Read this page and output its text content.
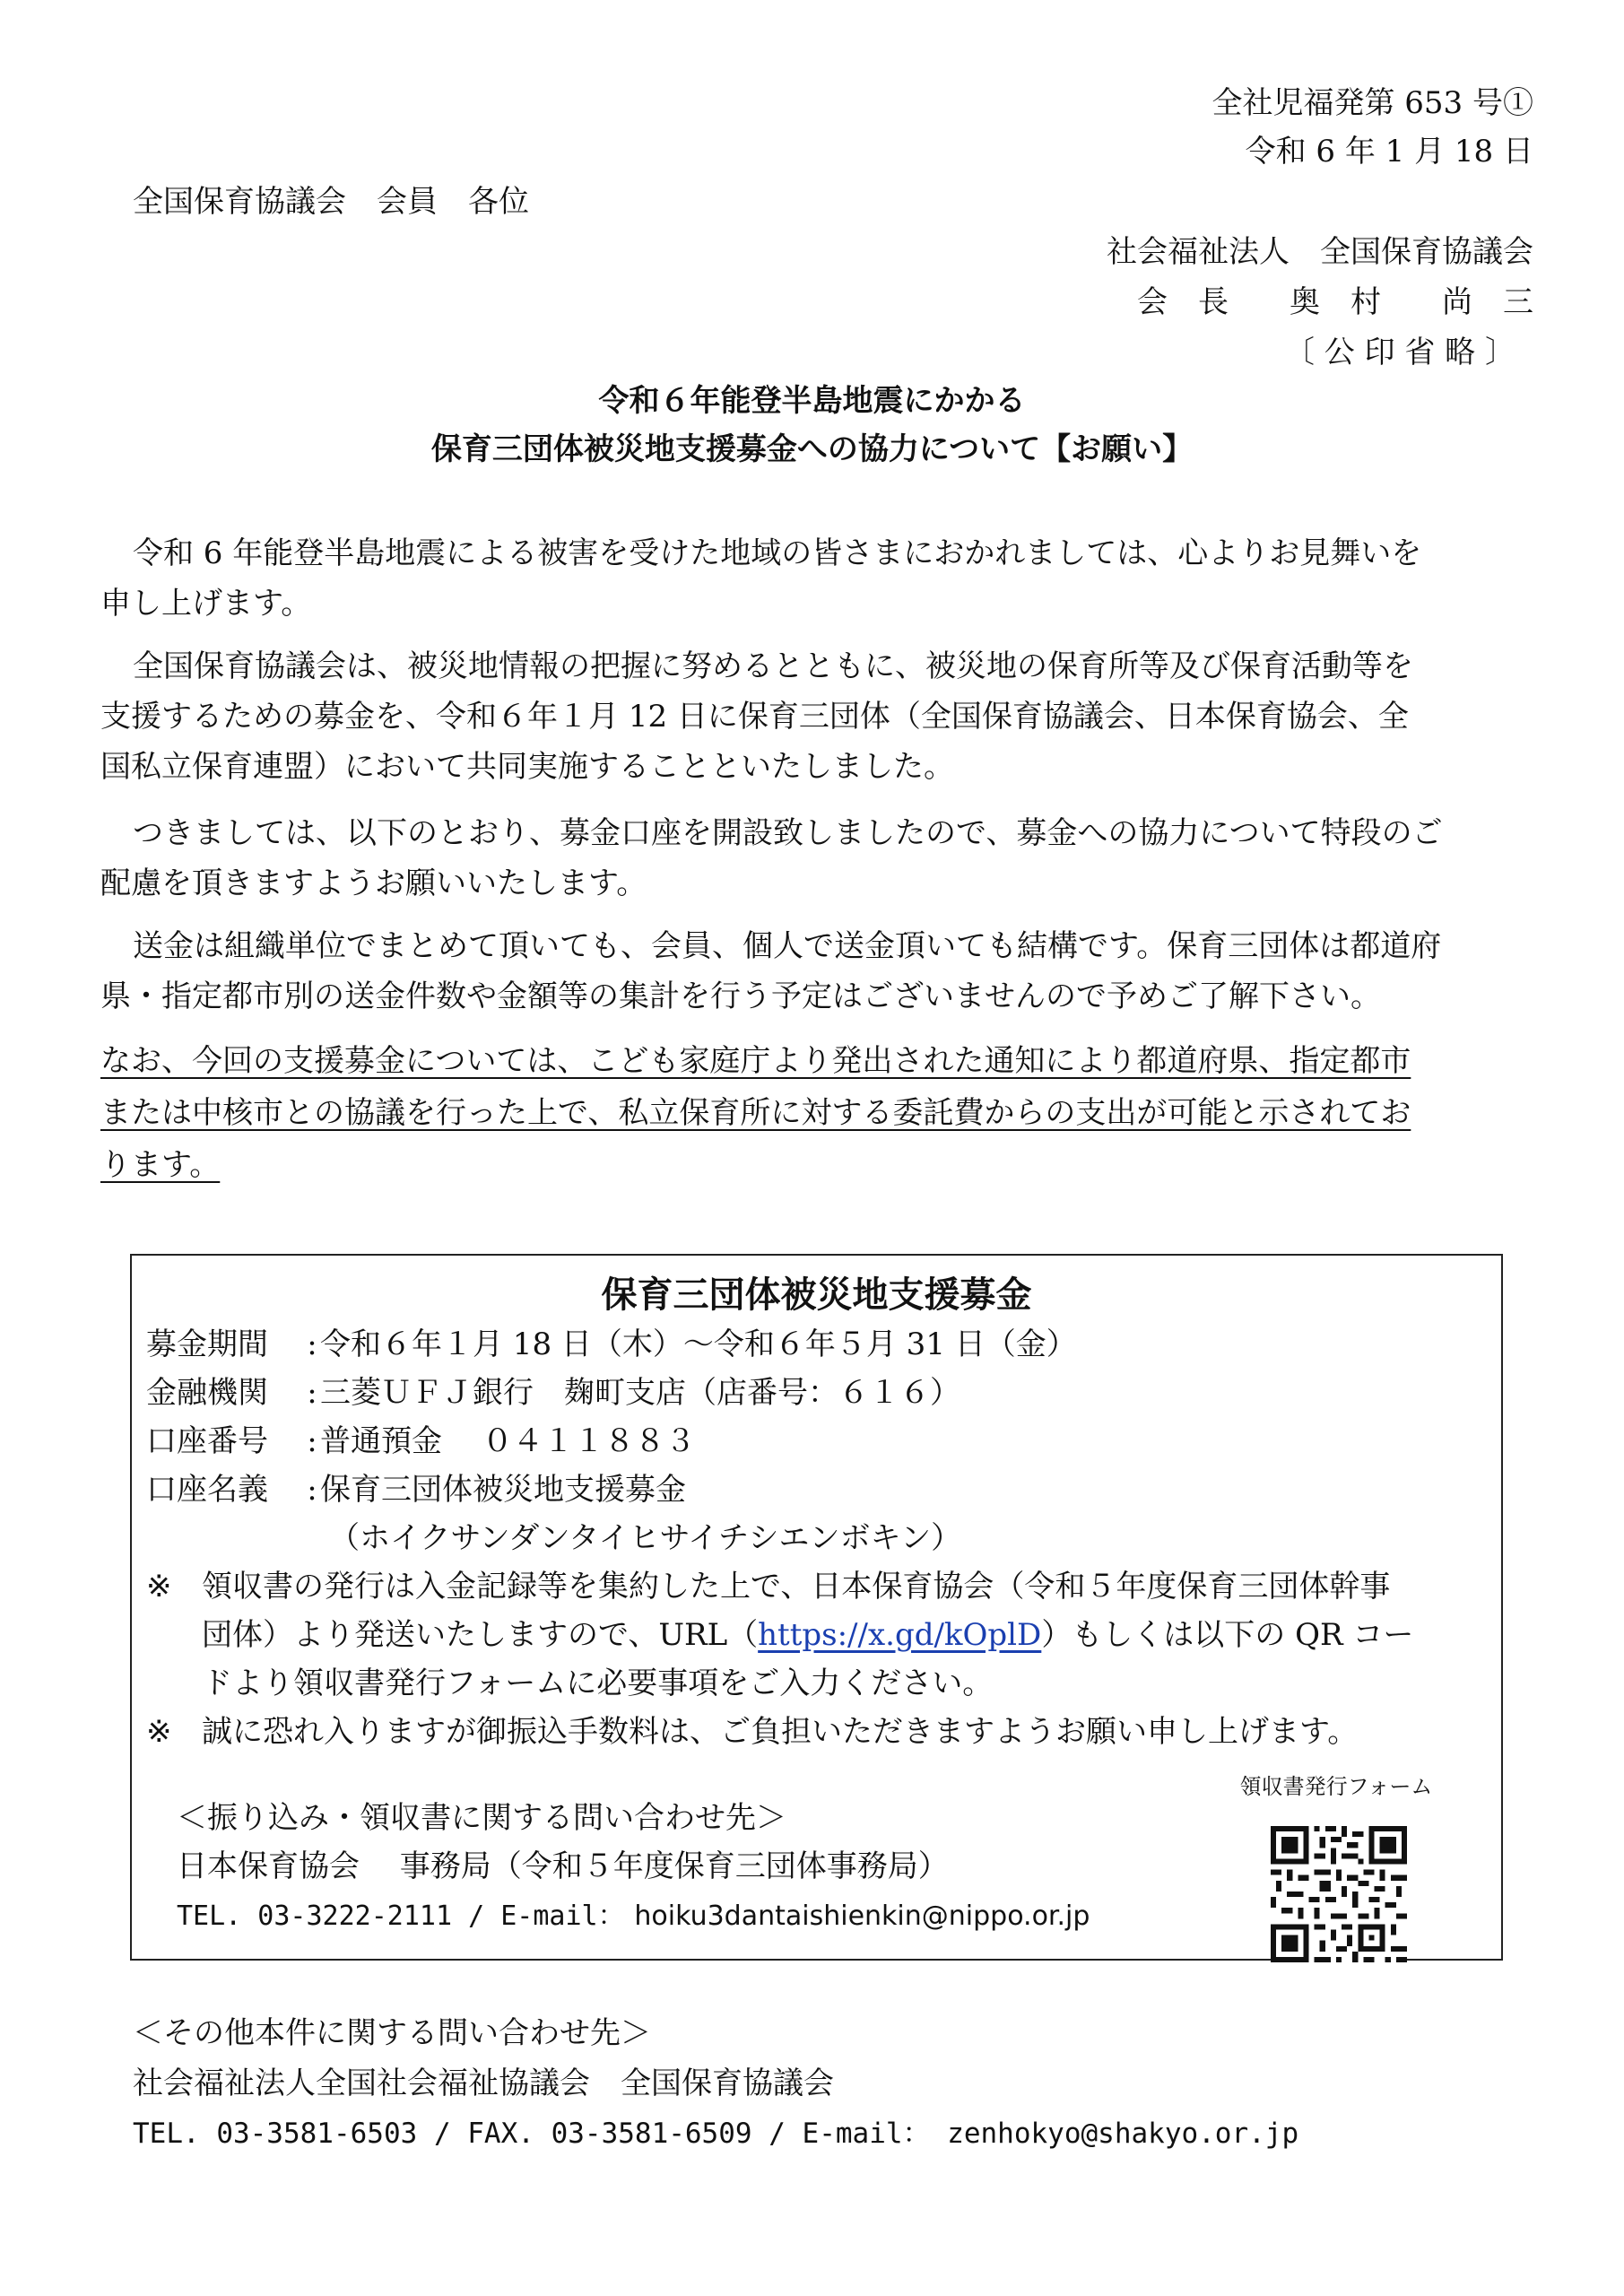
全社児福発第 653 号①

令和 6 年 1 月 18 日

全国保育協議会　会員　各位

社会福祉法人　全国保育協議会

会　長　　奥　村　　尚　三

〔 公 印 省 略 〕

令和６年能登半島地震にかかる

保育三団体被災地支援募金への協力について【お願い】

令和 6 年能登半島地震による被害を受けた地域の皆さまにおかれましては、心よりお見舞いを

申し上げます。

全国保育協議会は、被災地情報の把握に努めるとともに、被災地の保育所等及び保育活動等を

支援するための募金を、令和６年１月 12 日に保育三団体（全国保育協議会、日本保育協会、全

国私立保育連盟）において共同実施することといたしました。

つきましては、以下のとおり、募金口座を開設致しましたので、募金への協力について特段のご

配慮を頂きますようお願いいたします。

送金は組織単位でまとめて頂いても、会員、個人で送金頂いても結構です。保育三団体は都道府

県・指定都市別の送金件数や金額等の集計を行う予定はございませんので予めご了解下さい。

なお、今回の支援募金については、こども家庭庁より発出された通知により都道府県、指定都市

または中核市との協議を行った上で、私立保育所に対する委託費からの支出が可能と示されてお

ります。

保育三団体被災地支援募金

募金期間 :令和６年１月 18 日（木）～令和６年５月 31 日（金）

金融機関 :三菱ＵＦＪ銀行　麹町支店（店番号：６１６）

口座番号 :普通預金　 ０４１１８８３

口座名義 :保育三団体被災地支援募金

（ホイクサンダンタイヒサイチシエンボキン）

※ 領収書の発行は入金記録等を集約した上で、日本保育協会（令和５年度保育三団体幹事

団体）より発送いたしますので、URL（https://x.gd/kOplD）もしくは以下の QR コー

ドより領収書発行フォームに必要事項をご入力ください。

※ 誠に恐れ入りますが御振込手数料は、ご負担いただきますようお願い申し上げます。

＜振り込み・領収書に関する問い合わせ先＞

日本保育協会　 事務局（令和５年度保育三団体事務局）

TEL. 03-3222-2111 / E-mail： hoiku3dantaishienkin@nippo.or.jp

領収書発行フォーム

＜その他本件に関する問い合わせ先＞

社会福祉法人全国社会福祉協議会　全国保育協議会

TEL. 03-3581-6503 / FAX. 03-3581-6509 / E-mail： zenhokyo@shakyo.or.jp
